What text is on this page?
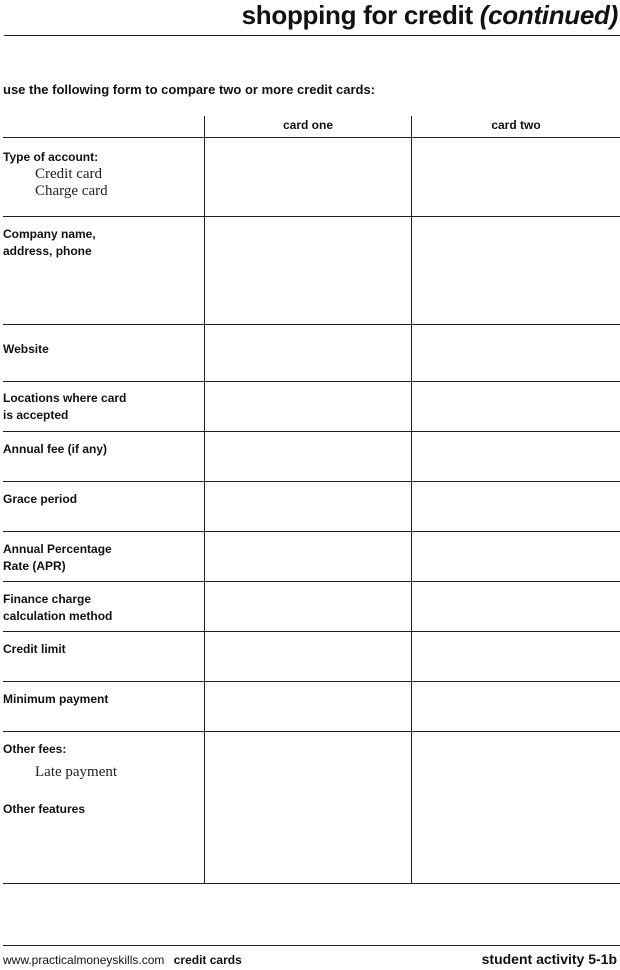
shopping for credit (continued)
use the following form to compare two or more credit cards:
card one	card two
Type of account:
Credit card
Charge card
Company name, address, phone
Website
Locations where card is accepted
Annual fee (if any)
Grace period
Annual Percentage Rate (APR)
Finance charge calculation method
Credit limit
Minimum payment
Other fees:
Late payment
Other features
www.practicalmoneyskills.com credit cards	student activity 5-1b
